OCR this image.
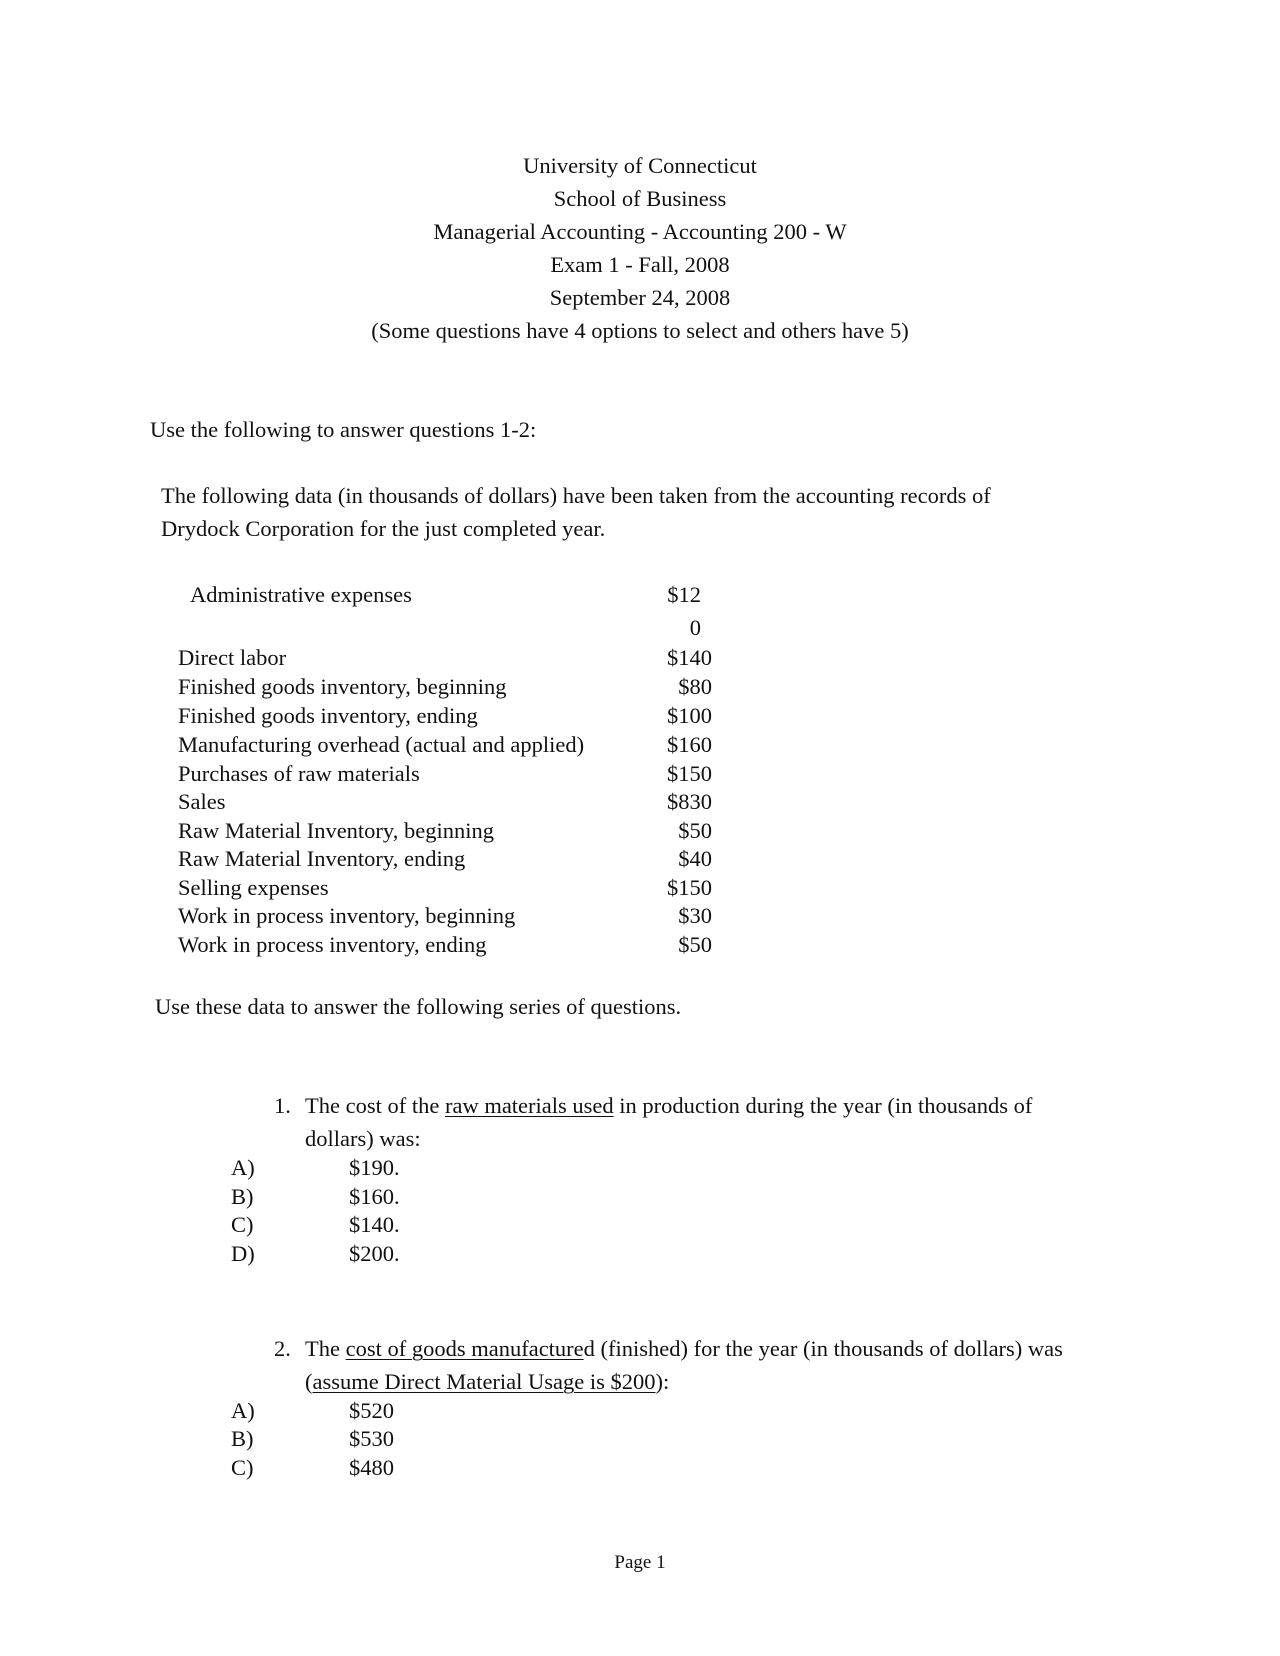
University of Connecticut
School of Business
Managerial Accounting - Accounting 200 - W
Exam 1 - Fall, 2008
September 24, 2008
(Some questions have 4 options to select and others have 5)
Use the following to answer questions 1-2:
The following data (in thousands of dollars) have been taken from the accounting records of
Drydock Corporation for the just completed year.
Administrative expenses	$12
0
Direct labor	$140
Finished goods inventory, beginning	$80
Finished goods inventory, ending	$100
Manufacturing overhead (actual and applied)	$160
Purchases of raw materials	$150
Sales	$830
Raw Material Inventory, beginning	$50
Raw Material Inventory, ending	$40
Selling expenses	$150
Work in process inventory, beginning	$30
Work in process inventory, ending	$50
Use these data to answer the following series of questions.
1. The cost of the raw materials used in production during the year (in thousands of
dollars) was:
A)	$190.
B)	$160.
C)	$140.
D)	$200.
2. The cost of goods manufactured (finished) for the year (in thousands of dollars) was
(assume Direct Material Usage is $200):
A)	$520
B)	$530
C)	$480
Page 1
